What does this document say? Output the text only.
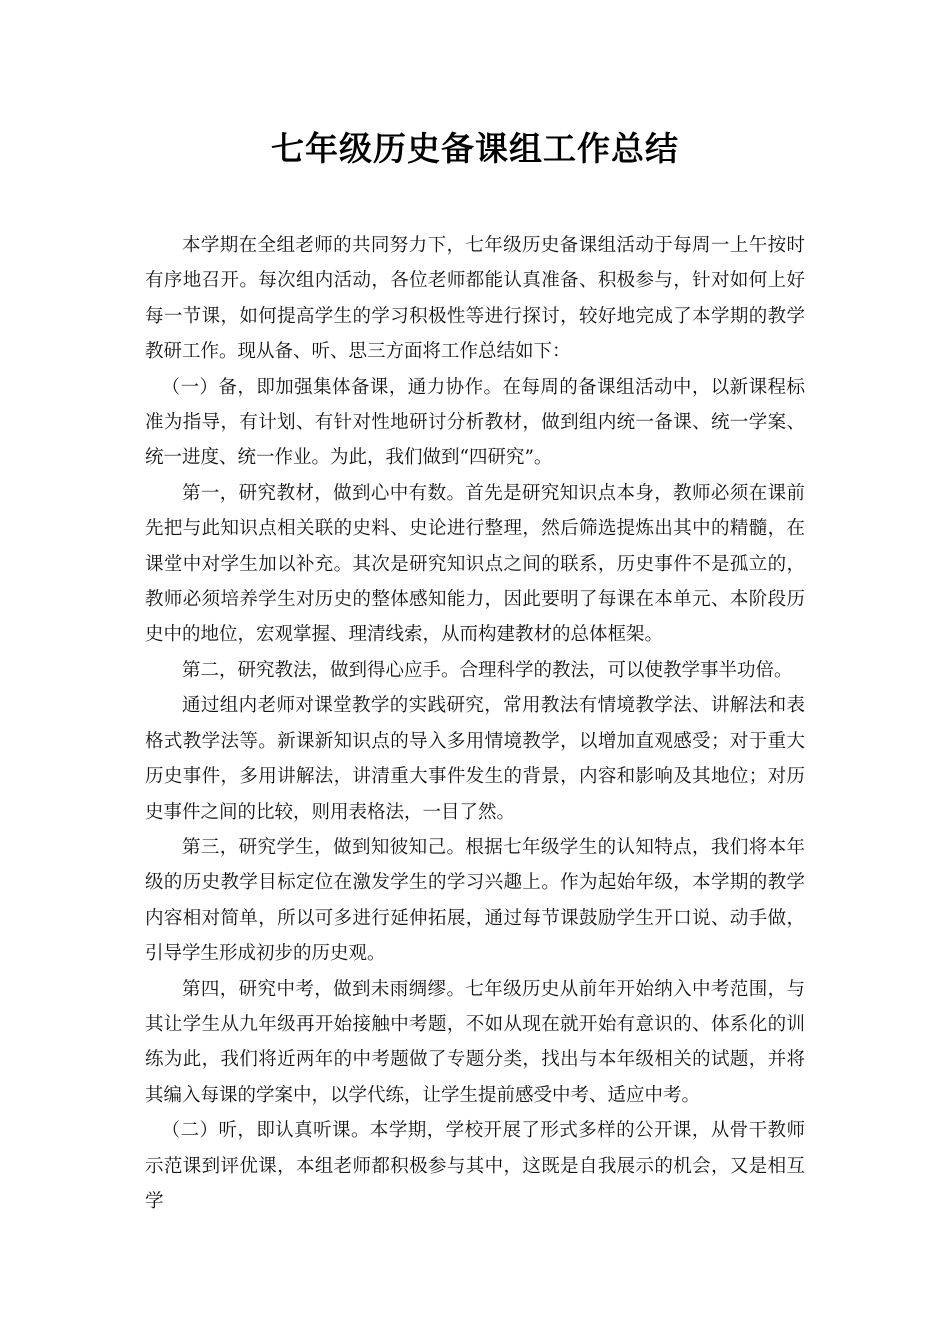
七年级历史备课组工作总结

本学期在全组老师的共同努力下，七年级历史备课组活动于每周一上午按时有序地召开。每次组内活动，各位老师都能认真准备、积极参与，针对如何上好每一节课，如何提高学生的学习积极性等进行探讨，较好地完成了本学期的教学教研工作。现从备、听、思三方面将工作总结如下：

（一）备，即加强集体备课，通力协作。在每周的备课组活动中，以新课程标准为指导，有计划、有针对性地研讨分析教材，做到组内统一备课、统一学案、统一进度、统一作业。为此，我们做到“四研究”。

第一，研究教材，做到心中有数。首先是研究知识点本身，教师必须在课前先把与此知识点相关联的史料、史论进行整理，然后筛选提炼出其中的精髓，在课堂中对学生加以补充。其次是研究知识点之间的联系，历史事件不是孤立的，教师必须培养学生对历史的整体感知能力，因此要明了每课在本单元、本阶段历史中的地位，宏观掌握、理清线索，从而构建教材的总体框架。

第二，研究教法，做到得心应手。合理科学的教法，可以使教学事半功倍。

通过组内老师对课堂教学的实践研究，常用教法有情境教学法、讲解法和表格式教学法等。新课新知识点的导入多用情境教学，以增加直观感受；对于重大历史事件，多用讲解法，讲清重大事件发生的背景，内容和影响及其地位；对历史事件之间的比较，则用表格法，一目了然。

第三，研究学生，做到知彼知己。根据七年级学生的认知特点，我们将本年级的历史教学目标定位在激发学生的学习兴趣上。作为起始年级，本学期的教学内容相对简单，所以可多进行延伸拓展，通过每节课鼓励学生开口说、动手做，引导学生形成初步的历史观。

第四，研究中考，做到未雨绸缪。七年级历史从前年开始纳入中考范围，与其让学生从九年级再开始接触中考题，不如从现在就开始有意识的、体系化的训练为此，我们将近两年的中考题做了专题分类，找出与本年级相关的试题，并将其编入每课的学案中，以学代练，让学生提前感受中考、适应中考。

（二）听，即认真听课。本学期，学校开展了形式多样的公开课，从骨干教师示范课到评优课，本组老师都积极参与其中，这既是自我展示的机会，又是相互学
